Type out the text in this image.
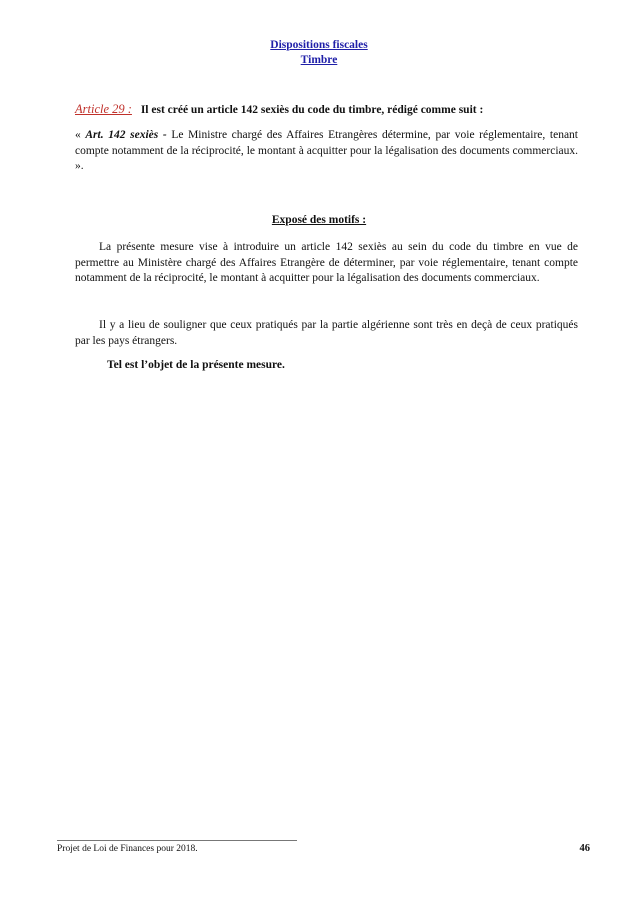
Dispositions fiscales
Timbre
Article 29 : Il est créé un article 142 sexiès du code du timbre, rédigé comme suit :
« Art. 142 sexiès - Le Ministre chargé des Affaires Etrangères détermine, par voie réglementaire, tenant compte notamment de la réciprocité, le montant à acquitter pour la légalisation des documents commerciaux. ».
Exposé des motifs :
La présente mesure vise à introduire un article 142 sexiès au sein du code du timbre en vue de permettre au Ministère chargé des Affaires Etrangère de déterminer, par voie réglementaire, tenant compte notamment de la réciprocité, le montant à acquitter pour la légalisation des documents commerciaux.
Il y a lieu de souligner que ceux pratiqués par la partie algérienne sont très en deçà de ceux pratiqués par les pays étrangers.
Tel est l’objet de la présente mesure.
Projet de Loi de Finances pour 2018.	46
